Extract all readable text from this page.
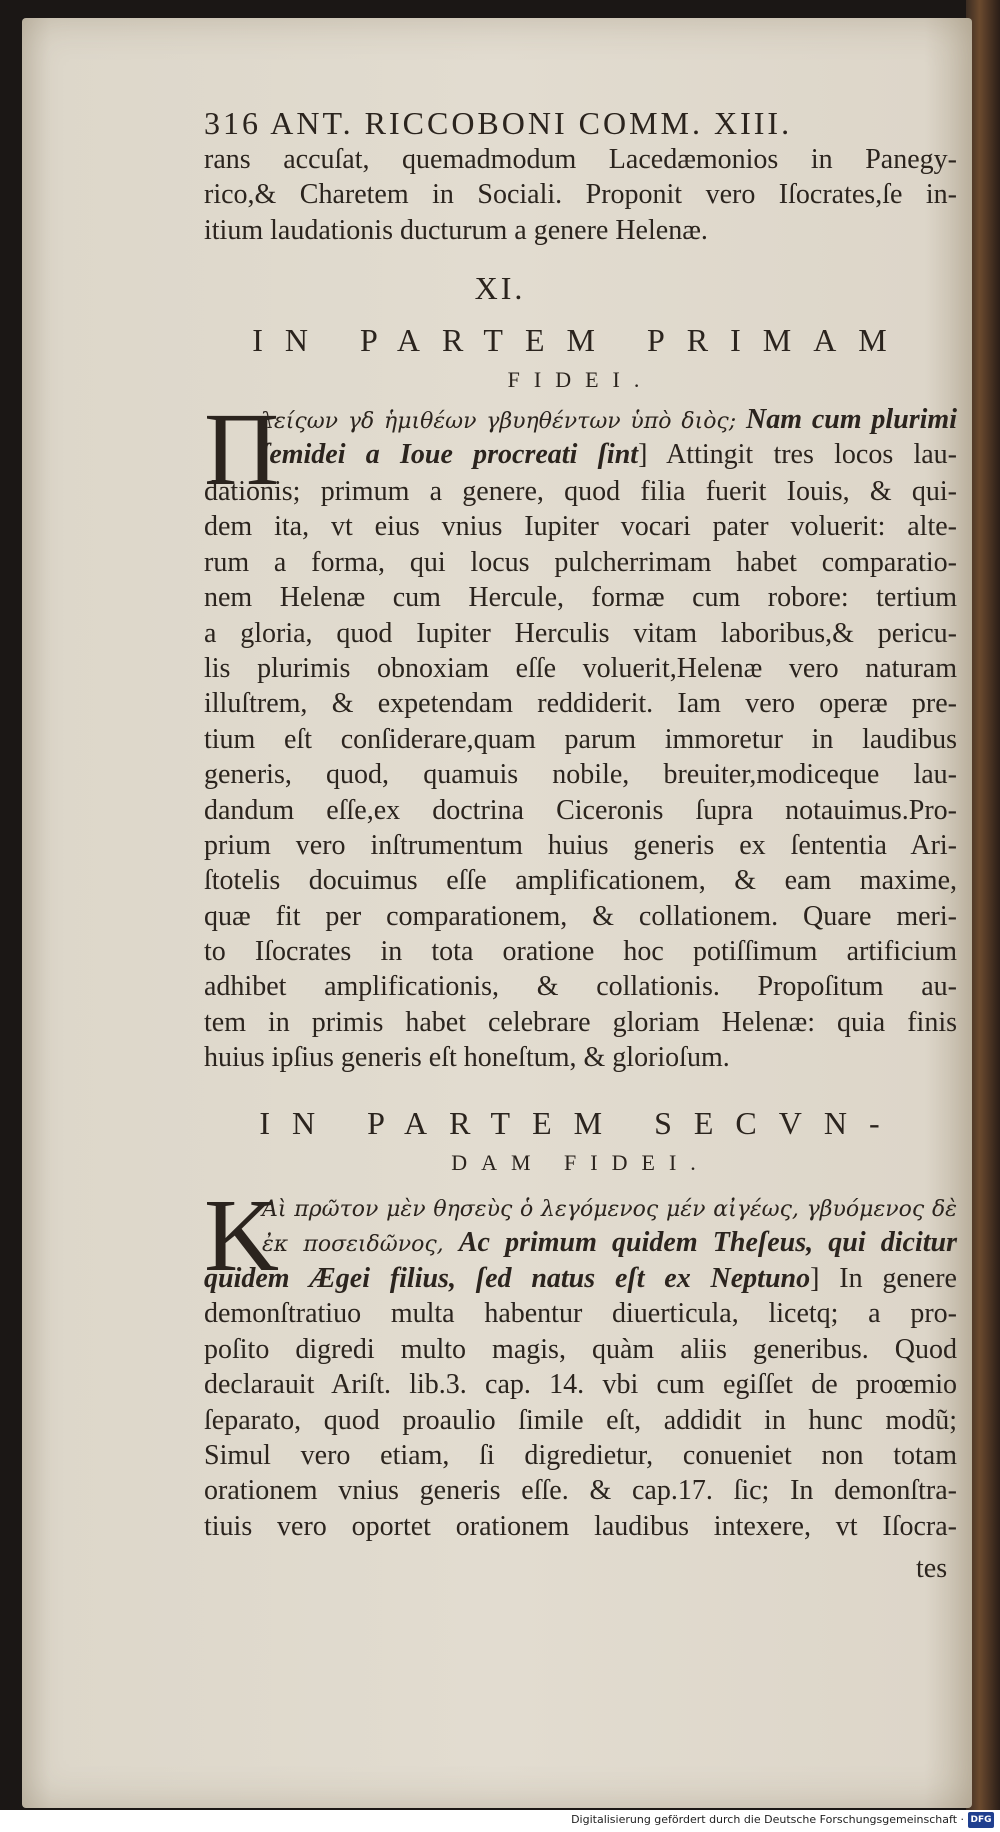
316 ANT. RICCOBONI COMM. XIII.
rans accuſat, quemadmodum Lacedæmonios in Panegy-
rico,& Charetem in Sociali. Proponit vero Iſocrates,ſe in-
itium laudationis ducturum a genere Helenæ.
XI.
IN PARTEM PRIMAM
FIDEI.
Π
λείςων γδ ἡμιθέων γβυηθέντων ὑπὸ διὸς; Nam cum plurimi
ſemidei a Ioue procreati ſint] Attingit tres locos lau-
dationis; primum a genere, quod filia fuerit Iouis, & qui-
dem ita, vt eius vnius Iupiter vocari pater voluerit: alte-
rum a forma, qui locus pulcherrimam habet comparatio-
nem Helenæ cum Hercule, formæ cum robore: tertium
a gloria, quod Iupiter Herculis vitam laboribus,& pericu-
lis plurimis obnoxiam eſſe voluerit,Helenæ vero naturam
illuſtrem, & expetendam reddiderit. Iam vero operæ pre-
tium eſt conſiderare,quam parum immoretur in laudibus
generis, quod, quamuis nobile, breuiter,modiceque lau-
dandum eſſe,ex doctrina Ciceronis ſupra notauimus.Pro-
prium vero inſtrumentum huius generis ex ſententia Ari-
ſtotelis docuimus eſſe amplificationem, & eam maxime,
quæ fit per comparationem, & collationem. Quare meri-
to Iſocrates in tota oratione hoc potiſſimum artificium
adhibet amplificationis, & collationis. Propoſitum au-
tem in primis habet celebrare gloriam Helenæ: quia finis
huius ipſius generis eſt honeſtum, & glorioſum.
IN PARTEM SECVN-
DAM FIDEI.
K
Aὶ πρῶτον μὲν θησεὺς ὁ λεγόμενος μέν αἰγέως, γβυόμενος δὲ
ἐκ ποσειδῶνος, Ac primum quidem Theſeus, qui dicitur
quidem Ægei filius, ſed natus eſt ex Neptuno] In genere
demonſtratiuo multa habentur diuerticula, licetq; a pro-
poſito digredi multo magis, quàm aliis generibus. Quod
declarauit Ariſt. lib.3. cap. 14. vbi cum egiſſet de proœmio
ſeparato, quod proaulio ſimile eſt, addidit in hunc modũ;
Simul vero etiam, ſi digredietur, conueniet non totam
orationem vnius generis eſſe. & cap.17. ſic; In demonſtra-
tiuis vero oportet orationem laudibus intexere, vt Iſocra-
tes
Digitalisierung gefördert durch die Deutsche Forschungsgemeinschaft · DFG
